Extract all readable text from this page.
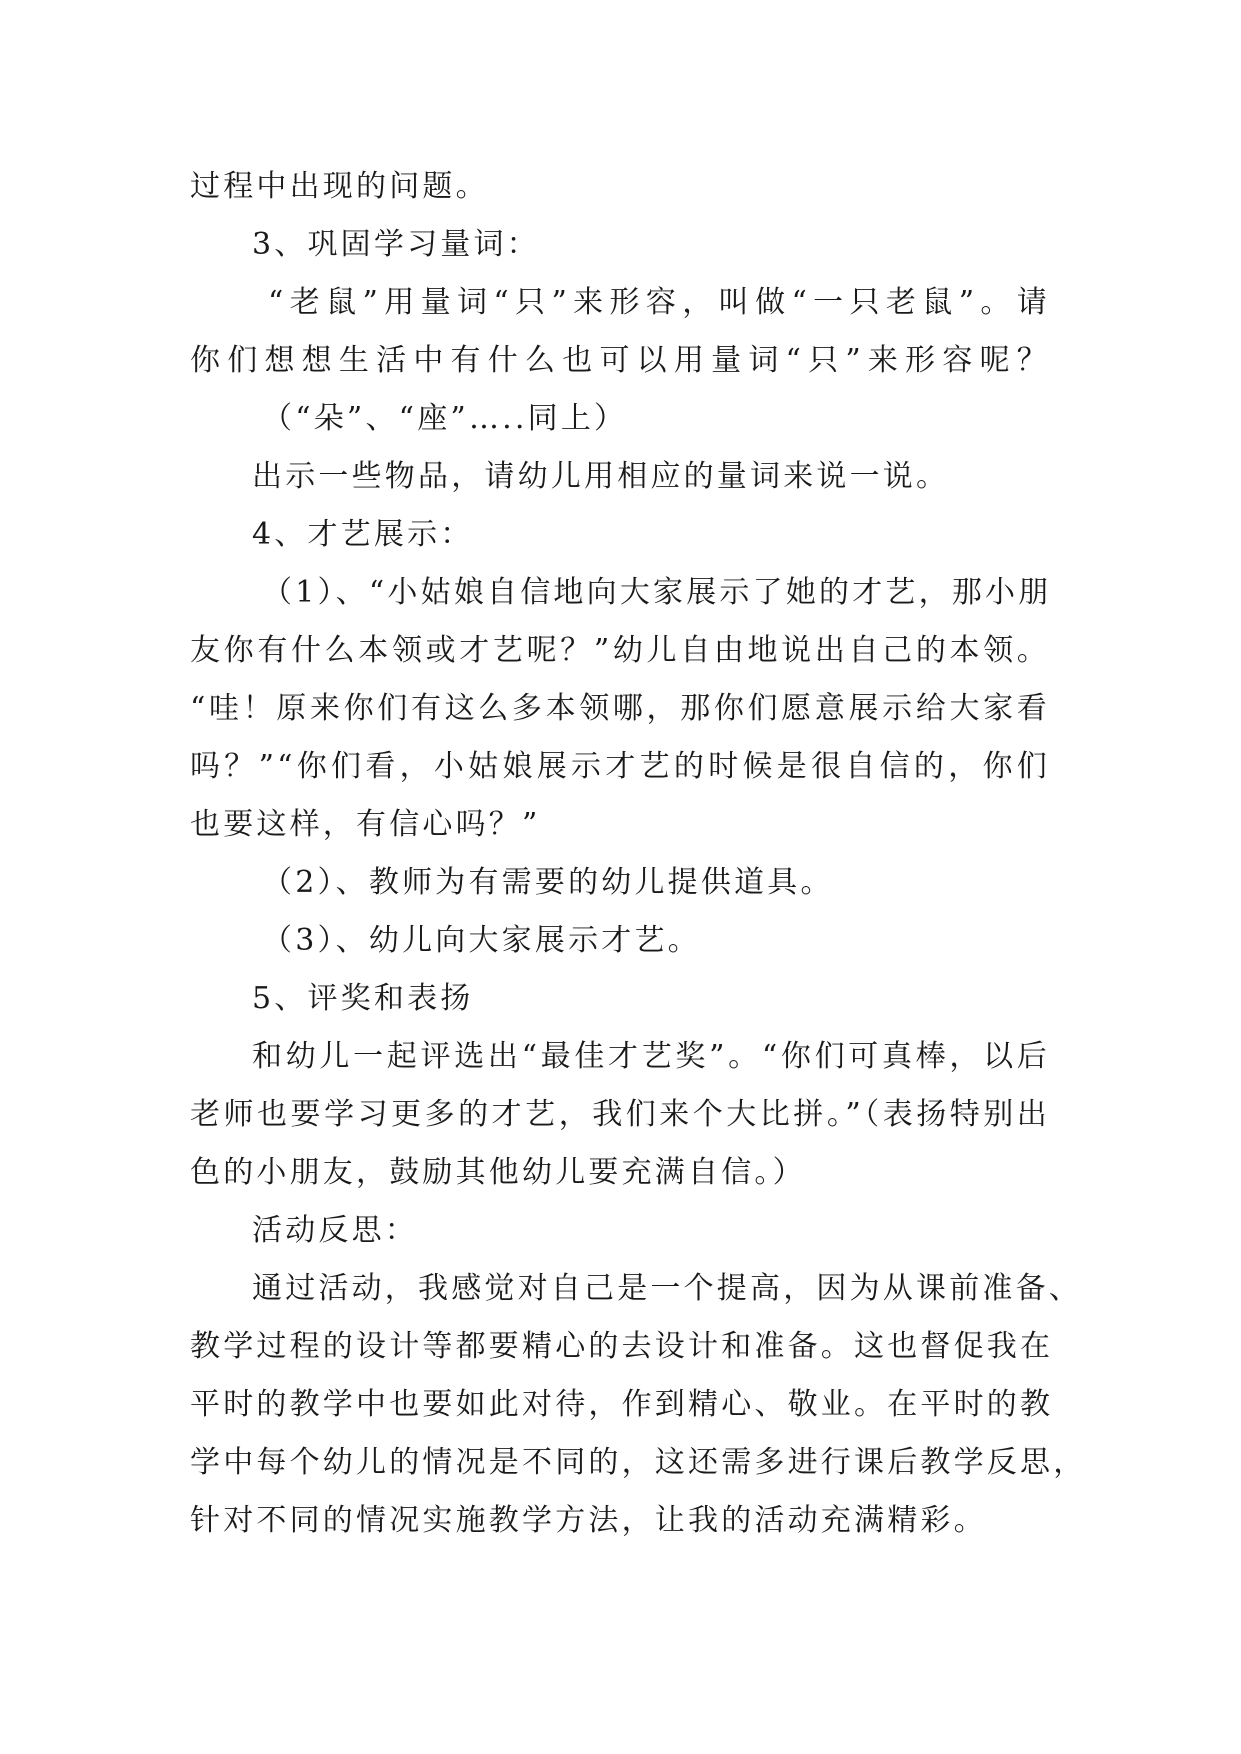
过程中出现的问题。
3、巩固学习量词：
“老鼠”用量词“只”来形容，叫做“一只老鼠”。请
你们想想生活中有什么也可以用量词“只”来形容呢？
（“朵”、“座”…..同上）
出示一些物品，请幼儿用相应的量词来说一说。
4、才艺展示：
（1）、“小姑娘自信地向大家展示了她的才艺，那小朋
友你有什么本领或才艺呢？”幼儿自由地说出自己的本领。
“哇！原来你们有这么多本领哪，那你们愿意展示给大家看
吗？”“你们看，小姑娘展示才艺的时候是很自信的，你们
也要这样，有信心吗？”
（2）、教师为有需要的幼儿提供道具。
（3）、幼儿向大家展示才艺。
5、评奖和表扬
和幼儿一起评选出“最佳才艺奖”。“你们可真棒，以后
老师也要学习更多的才艺，我们来个大比拼。”（表扬特别出
色的小朋友，鼓励其他幼儿要充满自信。）
活动反思：
通过活动，我感觉对自己是一个提高，因为从课前准备、
教学过程的设计等都要精心的去设计和准备。这也督促我在
平时的教学中也要如此对待，作到精心、敬业。在平时的教
学中每个幼儿的情况是不同的，这还需多进行课后教学反思，
针对不同的情况实施教学方法，让我的活动充满精彩。
